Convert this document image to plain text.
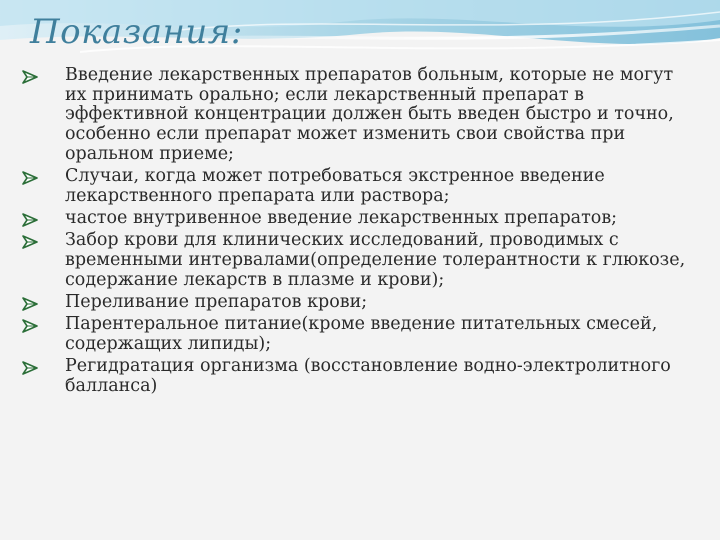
Показания:
Введение лекарственных препаратов больным, которые не могут их принимать орально; если лекарственный препарат в эффективной концентрации должен быть введен быстро и точно, особенно если препарат может изменить свои свойства при оральном приеме;
Случаи, когда может потребоваться экстренное введение лекарственного препарата или раствора;
частое внутривенное введение лекарственных препаратов;
Забор крови для клинических исследований, проводимых с временными интервалами(определение толерантности к глюкозе, содержание лекарств в плазме и крови);
Переливание препаратов крови;
Парентеральное питание(кроме введение питательных смесей, содержащих липиды);
Регидратация организма (восстановление водно-электролитного балланса)
